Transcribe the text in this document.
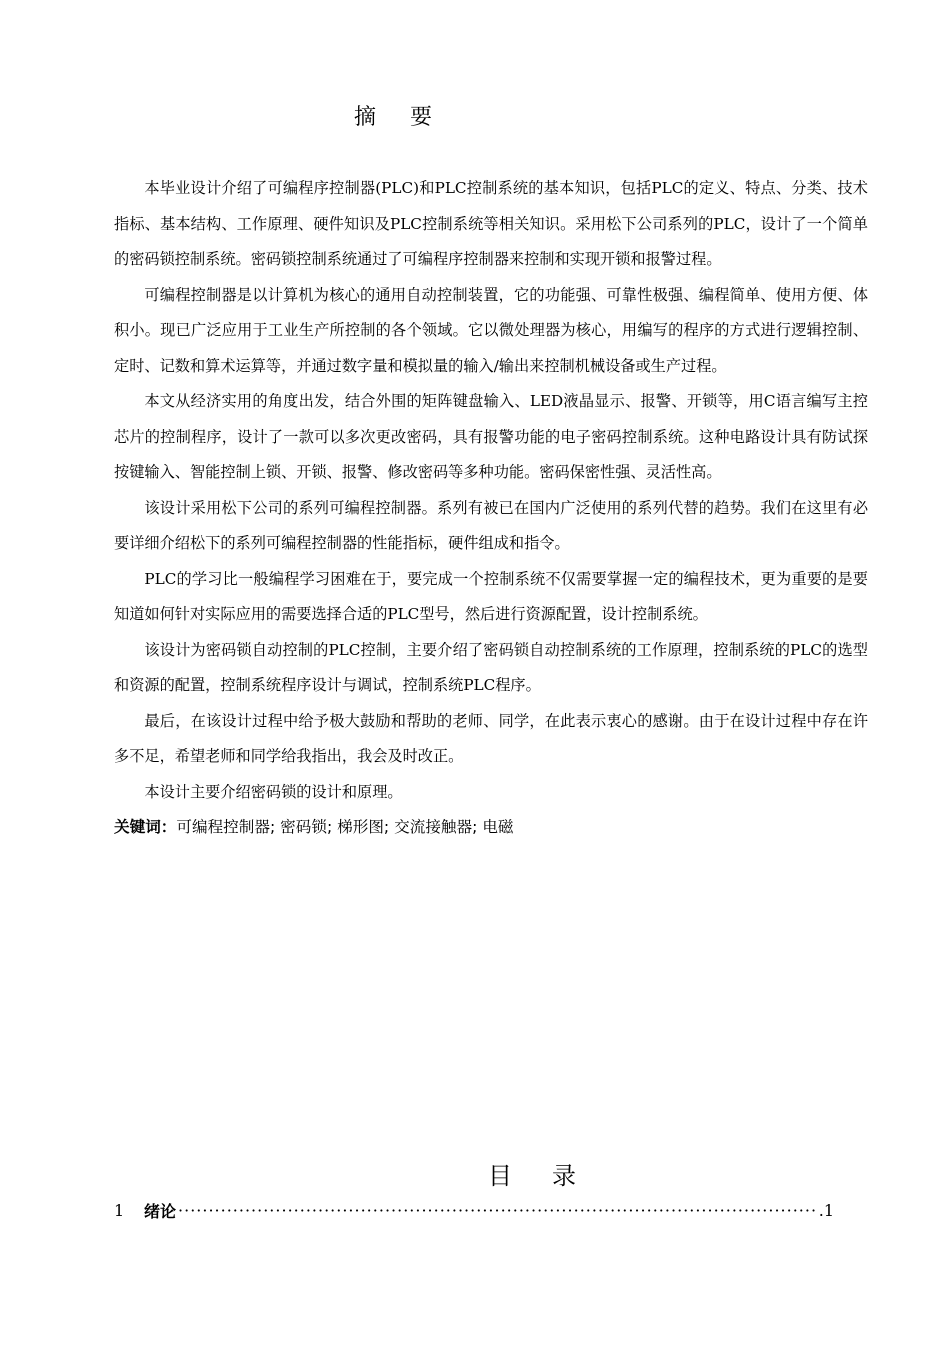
摘 要

本毕业设计介绍了可编程序控制器(PLC)和PLC控制系统的基本知识，包括PLC的定义、特点、分类、技术指标、基本结构、工作原理、硬件知识及PLC控制系统等相关知识。采用松下公司系列的PLC，设计了一个简单的密码锁控制系统。密码锁控制系统通过了可编程序控制器来控制和实现开锁和报警过程。

可编程控制器是以计算机为核心的通用自动控制装置，它的功能强、可靠性极强、编程简单、使用方便、体积小。现已广泛应用于工业生产所控制的各个领域。它以微处理器为核心，用编写的程序的方式进行逻辑控制、定时、记数和算术运算等，并通过数字量和模拟量的输入/输出来控制机械设备或生产过程。

本文从经济实用的角度出发，结合外围的矩阵键盘输入、LED液晶显示、报警、开锁等，用C语言编写主控芯片的控制程序，设计了一款可以多次更改密码，具有报警功能的电子密码控制系统。这种电路设计具有防试探按键输入、智能控制上锁、开锁、报警、修改密码等多种功能。密码保密性强、灵活性高。

该设计采用松下公司的系列可编程控制器。系列有被已在国内广泛使用的系列代替的趋势。我们在这里有必要详细介绍松下的系列可编程控制器的性能指标，硬件组成和指令。

PLC的学习比一般编程学习困难在于，要完成一个控制系统不仅需要掌握一定的编程技术，更为重要的是要知道如何针对实际应用的需要选择合适的PLC型号，然后进行资源配置，设计控制系统。

该设计为密码锁自动控制的PLC控制，主要介绍了密码锁自动控制系统的工作原理，控制系统的PLC的选型和资源的配置，控制系统程序设计与调试，控制系统PLC程序。

最后，在该设计过程中给予极大鼓励和帮助的老师、同学，在此表示衷心的感谢。由于在设计过程中存在许多不足，希望老师和同学给我指出，我会及时改正。

本设计主要介绍密码锁的设计和原理。

关键词：可编程控制器; 密码锁; 梯形图; 交流接触器; 电磁

目 录
1	绪论
·····	.1
